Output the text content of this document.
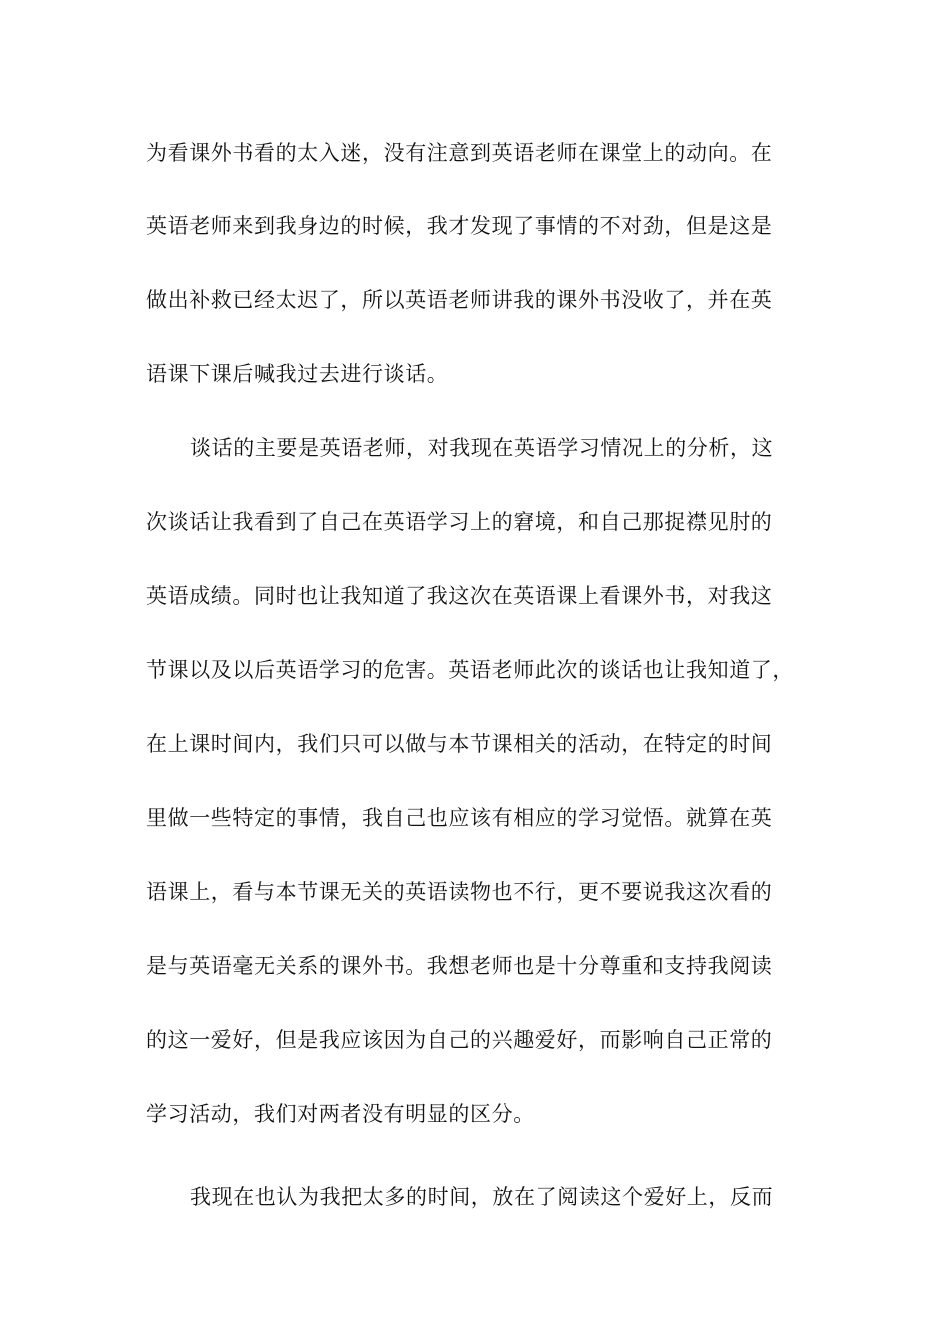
为看课外书看的太入迷，没有注意到英语老师在课堂上的动向。在
英语老师来到我身边的时候，我才发现了事情的不对劲，但是这是
做出补救已经太迟了，所以英语老师讲我的课外书没收了，并在英
语课下课后喊我过去进行谈话。
谈话的主要是英语老师，对我现在英语学习情况上的分析，这
次谈话让我看到了自己在英语学习上的窘境，和自己那捉襟见肘的
英语成绩。同时也让我知道了我这次在英语课上看课外书，对我这
节课以及以后英语学习的危害。英语老师此次的谈话也让我知道了，
在上课时间内，我们只可以做与本节课相关的活动，在特定的时间
里做一些特定的事情，我自己也应该有相应的学习觉悟。就算在英
语课上，看与本节课无关的英语读物也不行，更不要说我这次看的
是与英语毫无关系的课外书。我想老师也是十分尊重和支持我阅读
的这一爱好，但是我应该因为自己的兴趣爱好，而影响自己正常的
学习活动，我们对两者没有明显的区分。
我现在也认为我把太多的时间，放在了阅读这个爱好上，反而
